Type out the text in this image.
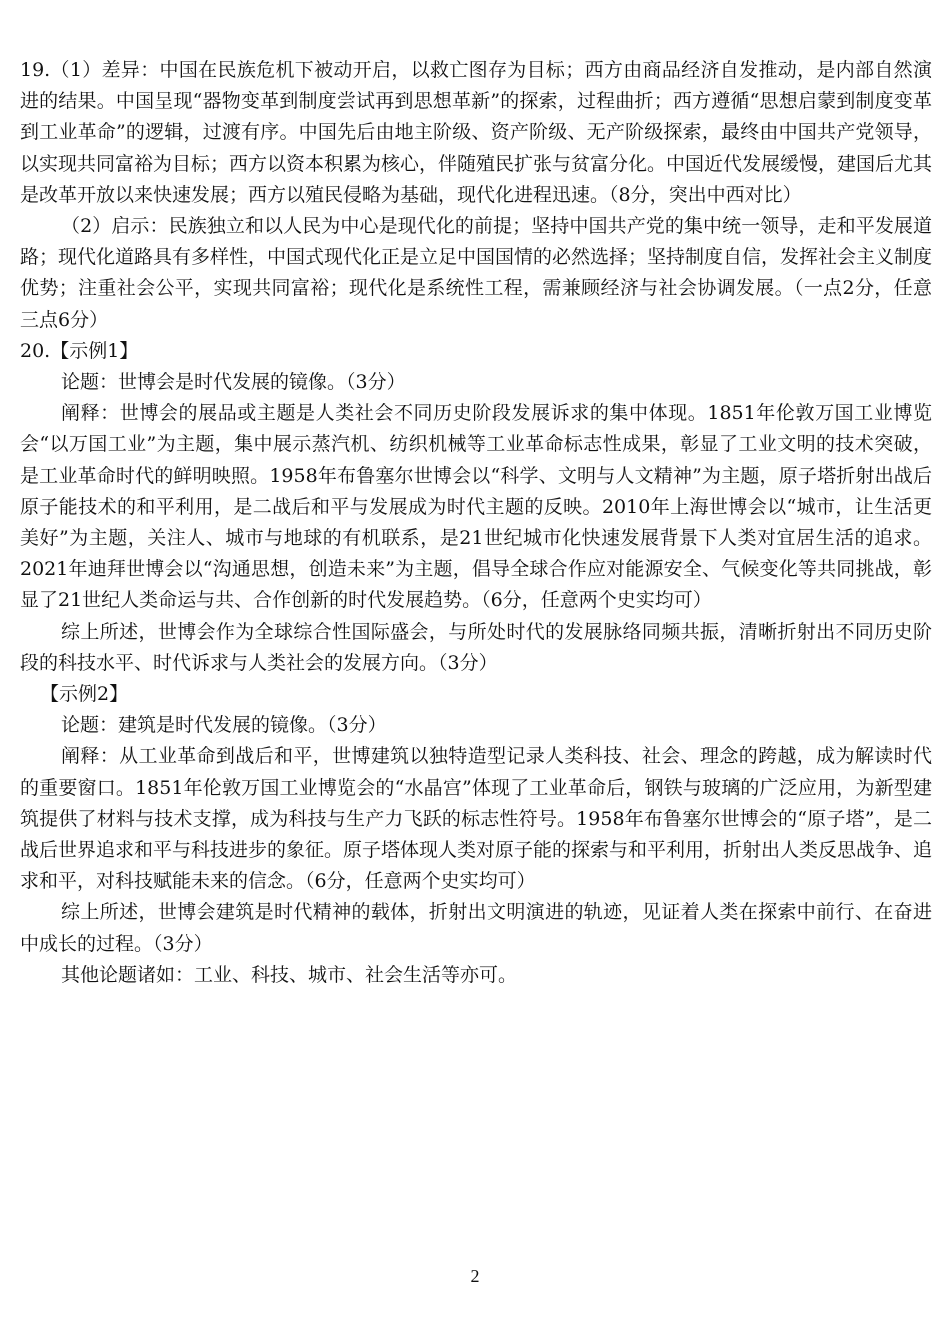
19.（1）差异：中国在民族危机下被动开启，以救亡图存为目标；西方由商品经济自发推动，是内部自然演进的结果。中国呈现“器物变革到制度尝试再到思想革新”的探索，过程曲折；西方遵循“思想启蒙到制度变革到工业革命”的逻辑，过渡有序。中国先后由地主阶级、资产阶级、无产阶级探索，最终由中国共产党领导，以实现共同富裕为目标；西方以资本积累为核心，伴随殖民扩张与贫富分化。中国近代发展缓慢，建国后尤其是改革开放以来快速发展；西方以殖民侵略为基础，现代化进程迅速。（8分，突出中西对比）

（2）启示：民族独立和以人民为中心是现代化的前提；坚持中国共产党的集中统一领导，走和平发展道路；现代化道路具有多样性，中国式现代化正是立足中国国情的必然选择；坚持制度自信，发挥社会主义制度优势；注重社会公平，实现共同富裕；现代化是系统性工程，需兼顾经济与社会协调发展。（一点2分，任意三点6分）

20.【示例1】

论题：世博会是时代发展的镜像。（3分）

阐释：世博会的展品或主题是人类社会不同历史阶段发展诉求的集中体现。1851年伦敦万国工业博览会“以万国工业”为主题，集中展示蒸汽机、纺织机械等工业革命标志性成果，彰显了工业文明的技术突破，是工业革命时代的鲜明映照。1958年布鲁塞尔世博会以“科学、文明与人文精神”为主题，原子塔折射出战后原子能技术的和平利用，是二战后和平与发展成为时代主题的反映。2010年上海世博会以“城市，让生活更美好”为主题，关注人、城市与地球的有机联系，是21世纪城市化快速发展背景下人类对宜居生活的追求。2021年迪拜世博会以“沟通思想，创造未来”为主题，倡导全球合作应对能源安全、气候变化等共同挑战，彰显了21世纪人类命运与共、合作创新的时代发展趋势。（6分，任意两个史实均可）

综上所述，世博会作为全球综合性国际盛会，与所处时代的发展脉络同频共振，清晰折射出不同历史阶段的科技水平、时代诉求与人类社会的发展方向。（3分）

【示例2】

论题：建筑是时代发展的镜像。（3分）

阐释：从工业革命到战后和平，世博建筑以独特造型记录人类科技、社会、理念的跨越，成为解读时代的重要窗口。1851年伦敦万国工业博览会的“水晶宫”体现了工业革命后，钢铁与玻璃的广泛应用，为新型建筑提供了材料与技术支撑，成为科技与生产力飞跃的标志性符号。1958年布鲁塞尔世博会的“原子塔”，是二战后世界追求和平与科技进步的象征。原子塔体现人类对原子能的探索与和平利用，折射出人类反思战争、追求和平，对科技赋能未来的信念。（6分，任意两个史实均可）

综上所述，世博会建筑是时代精神的载体，折射出文明演进的轨迹，见证着人类在探索中前行、在奋进中成长的过程。（3分）

其他论题诸如：工业、科技、城市、社会生活等亦可。

2
